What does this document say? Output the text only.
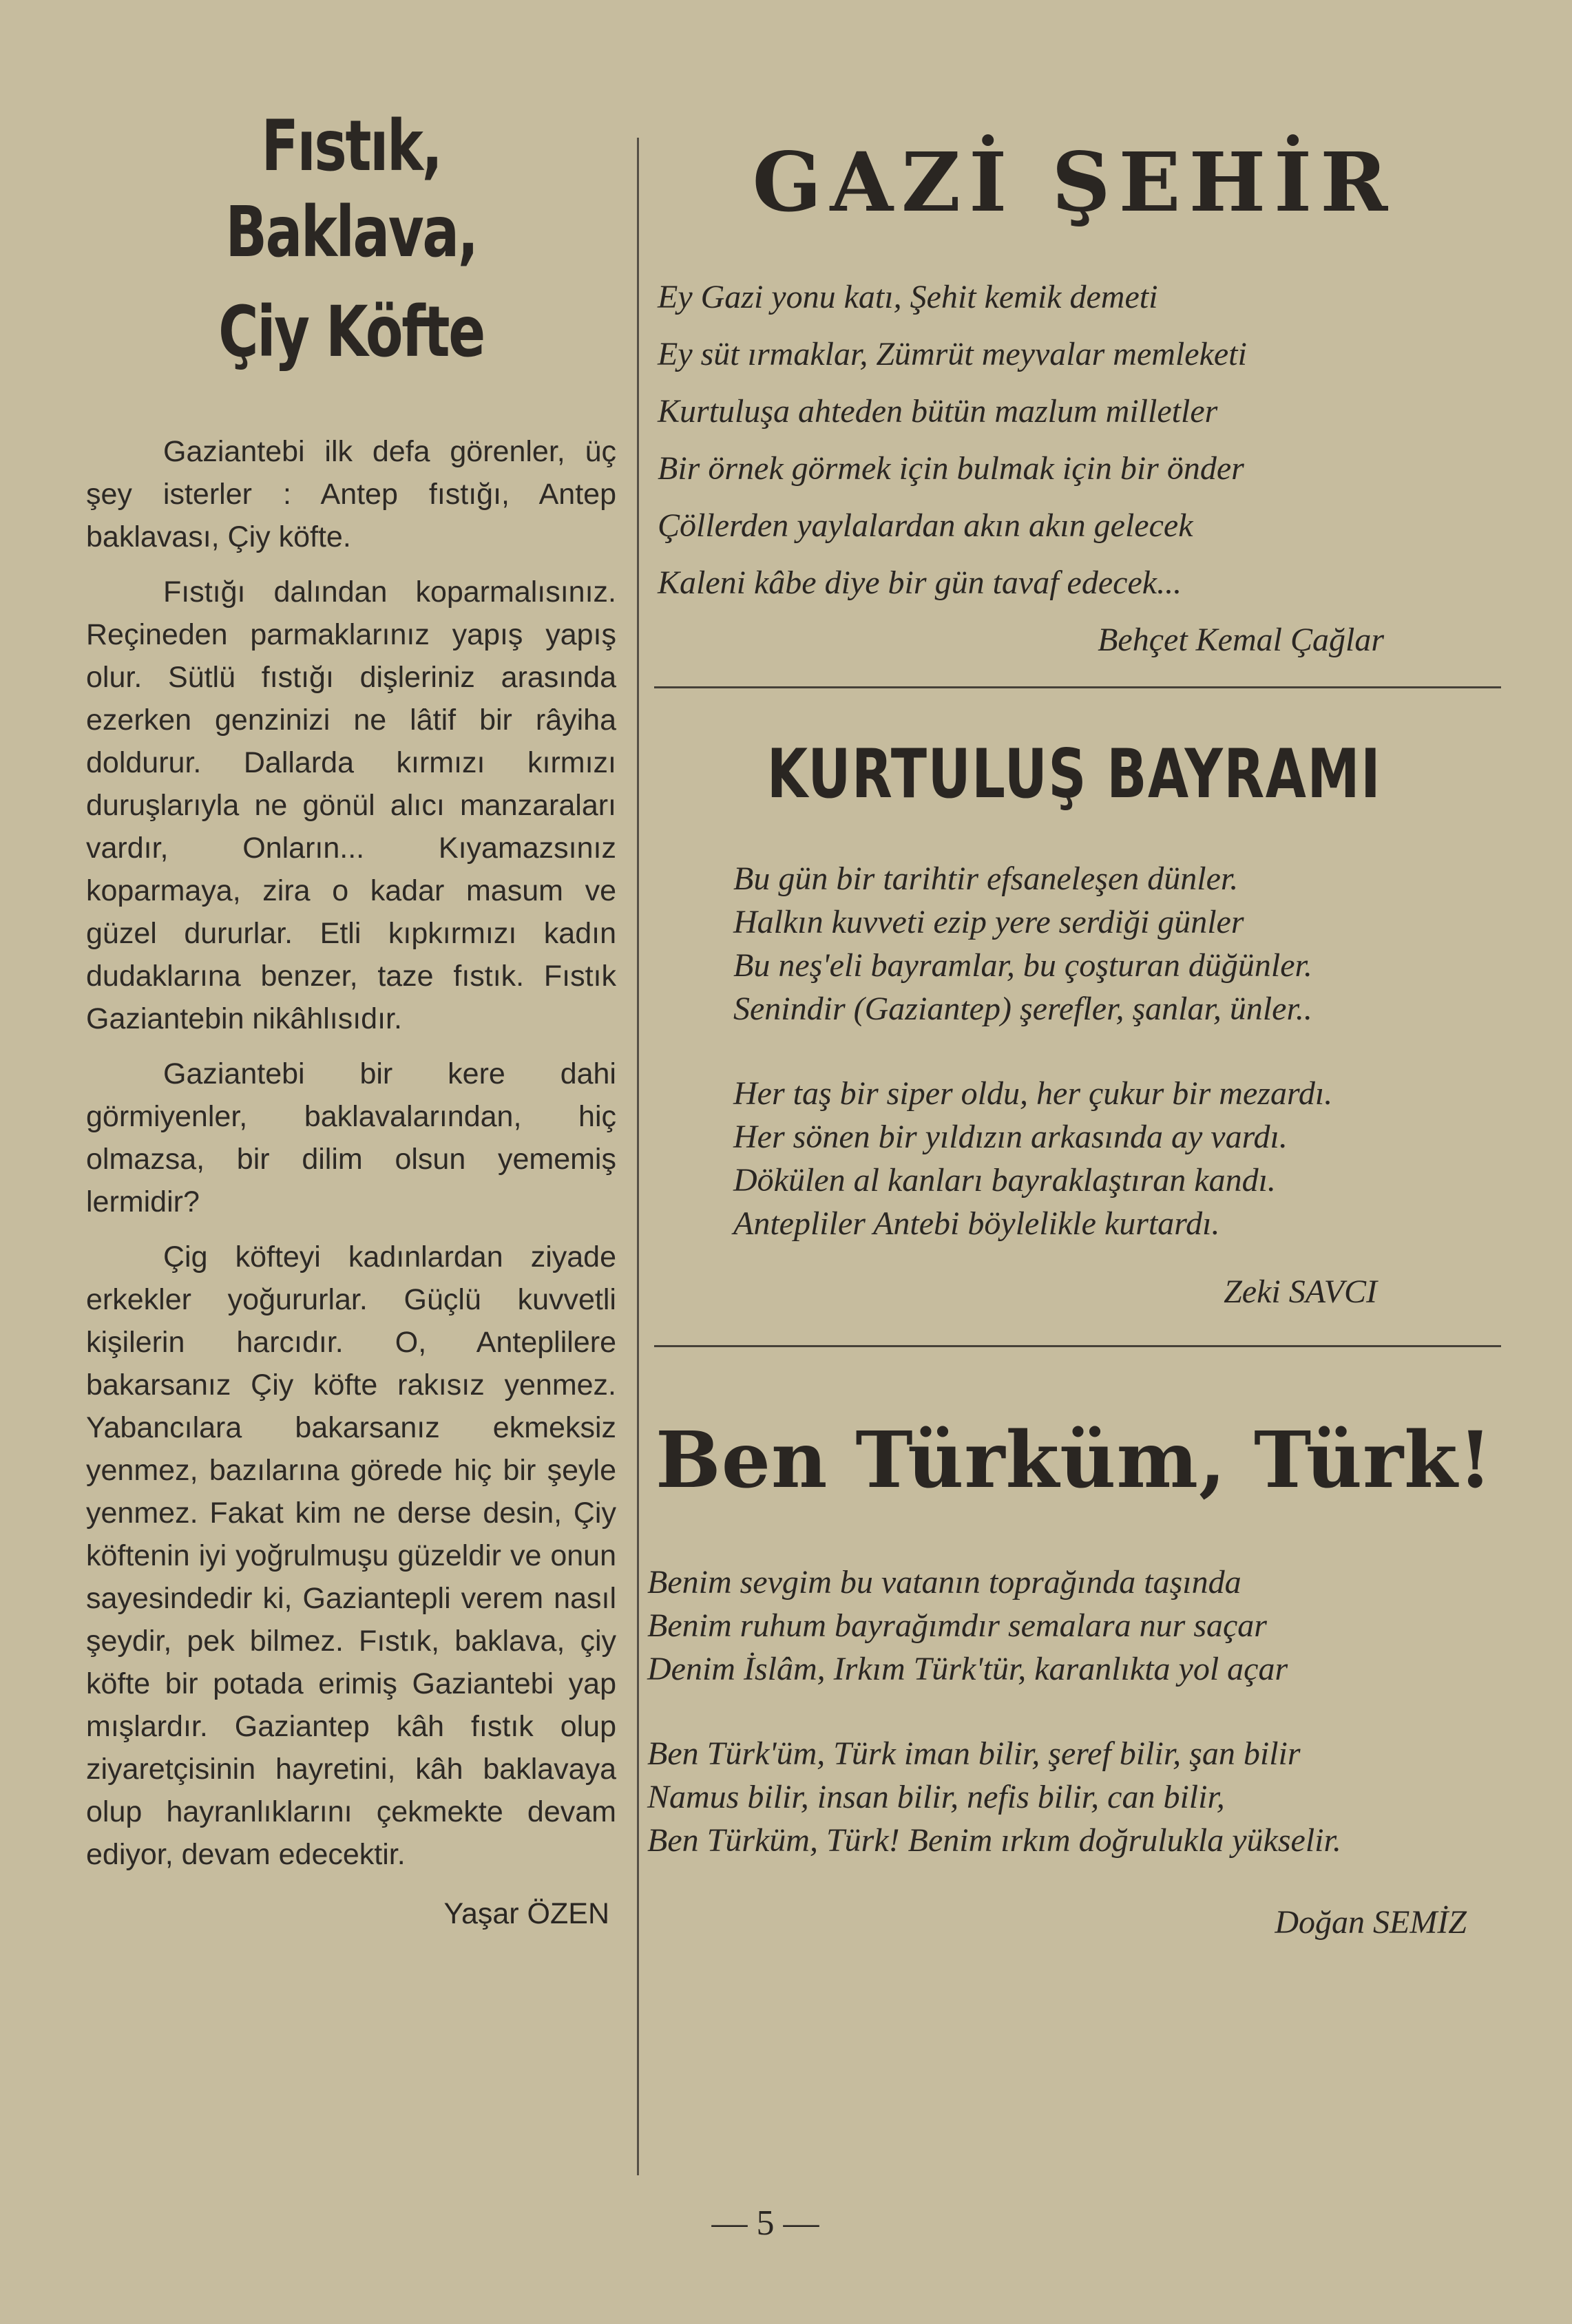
Fıstık, Baklava,
Çiy Köfte

Gaziantebi ilk defa görenler, üç şey isterler : Antep fıstığı, Antep baklavası, Çiy köfte.

Fıstığı dalından koparmalısınız. Reçineden parmaklarınız yapış yapış olur. Sütlü fıstığı dişleriniz arasında ezerken genzinizi ne lâtif bir râyiha doldurur. Dallarda kırmızı kırmızı duruşlarıyla ne gönül alıcı manzaraları vardır, Onların... Kıyamazsınız koparmaya, zira o kadar masum ve güzel dururlar. Etli kıpkırmızı kadın dudaklarına benzer, taze fıstık. Fıstık Gaziantebin nikâhlısıdır.

Gaziantebi bir kere dahi görmiyenler, baklavalarından, hiç olmazsa, bir dilim olsun yememiş lermidir?

Çig köfteyi kadınlardan ziyade erkekler yoğururlar. Güçlü kuvvetli kişilerin harcıdır. O, Anteplilere bakarsanız Çiy köfte rakısız yenmez. Yabancılara bakarsanız ekmeksiz yenmez, bazılarına görede hiç bir şeyle yenmez. Fakat kim ne derse desin, Çiy köftenin iyi yoğrulmuşu güzeldir ve onun sayesindedir ki, Gaziantepli verem nasıl şeydir, pek bilmez. Fıstık, baklava, çiy köfte bir potada erimiş Gaziantebi yap mışlardır. Gaziantep kâh fıstık olup ziyaretçisinin hayretini, kâh baklavaya olup hayranlıklarını çekmekte devam ediyor, devam edecektir.

Yaşar ÖZEN
GAZİ ŞEHİR
Ey Gazi yonu katı, Şehit kemik demeti
Ey süt ırmaklar, Zümrüt meyvalar memleketi
Kurtuluşa ahteden bütün mazlum milletler
Bir örnek görmek için bulmak için bir önder
Çöllerden yaylalardan akın akın gelecek
Kaleni kâbe diye bir gün tavaf edecek...
Behçet Kemal Çağlar
KURTULUŞ BAYRAMI
Bu gün bir tarihtir efsaneleşen dünler.
Halkın kuvveti ezip yere serdiği günler
Bu neş'eli bayramlar, bu çoşturan düğünler.
Senindir (Gaziantep) şerefler, şanlar, ünler..
Her taş bir siper oldu, her çukur bir mezardı.
Her sönen bir yıldızın arkasında ay vardı.
Dökülen al kanları bayraklaştıran kandı.
Antepliler Antebi böylelikle kurtardı.
Zeki SAVCI
Ben Türküm, Türk!
Benim sevgim bu vatanın toprağında taşında
Benim ruhum bayrağımdır semalara nur saçar
Denim İslâm, Irkım Türk'tür, karanlıkta yol açar
Ben Türk'üm, Türk iman bilir, şeref bilir, şan bilir
Namus bilir, insan bilir, nefis bilir, can bilir,
Ben Türküm, Türk! Benim ırkım doğrulukla yükselir.
Doğan SEMİZ
— 5 —
